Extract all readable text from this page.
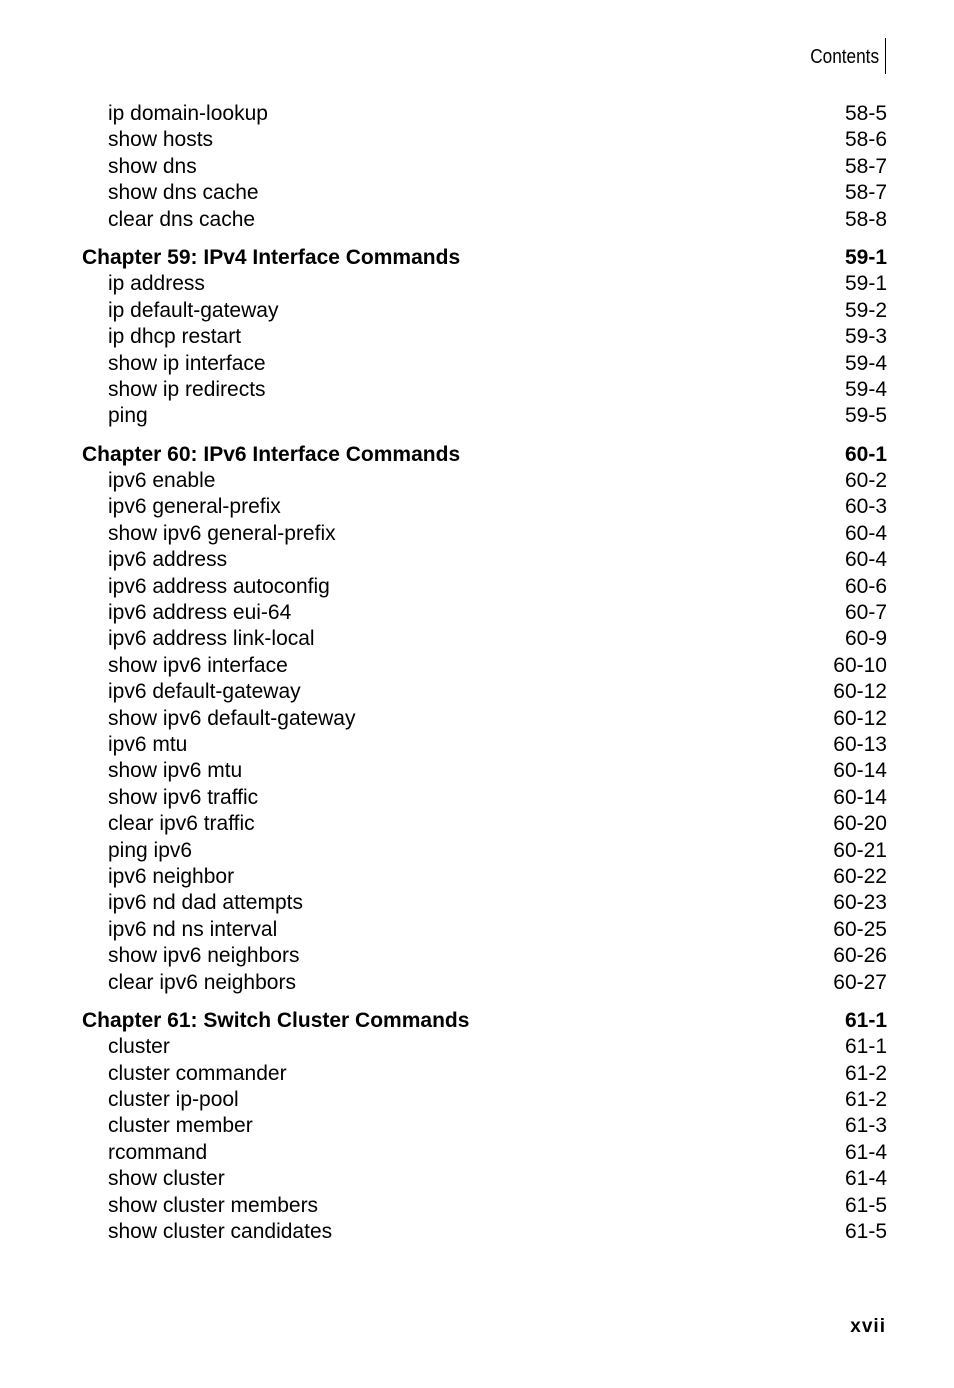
Contents
ip domain-lookup	58-5
show hosts	58-6
show dns	58-7
show dns cache	58-7
clear dns cache	58-8
Chapter 59: IPv4 Interface Commands	59-1
ip address	59-1
ip default-gateway	59-2
ip dhcp restart	59-3
show ip interface	59-4
show ip redirects	59-4
ping	59-5
Chapter 60: IPv6 Interface Commands	60-1
ipv6 enable	60-2
ipv6 general-prefix	60-3
show ipv6 general-prefix	60-4
ipv6 address	60-4
ipv6 address autoconfig	60-6
ipv6 address eui-64	60-7
ipv6 address link-local	60-9
show ipv6 interface	60-10
ipv6 default-gateway	60-12
show ipv6 default-gateway	60-12
ipv6 mtu	60-13
show ipv6 mtu	60-14
show ipv6 traffic	60-14
clear ipv6 traffic	60-20
ping ipv6	60-21
ipv6 neighbor	60-22
ipv6 nd dad attempts	60-23
ipv6 nd ns interval	60-25
show ipv6 neighbors	60-26
clear ipv6 neighbors	60-27
Chapter 61: Switch Cluster Commands	61-1
cluster	61-1
cluster commander	61-2
cluster ip-pool	61-2
cluster member	61-3
rcommand	61-4
show cluster	61-4
show cluster members	61-5
show cluster candidates	61-5
xvii
